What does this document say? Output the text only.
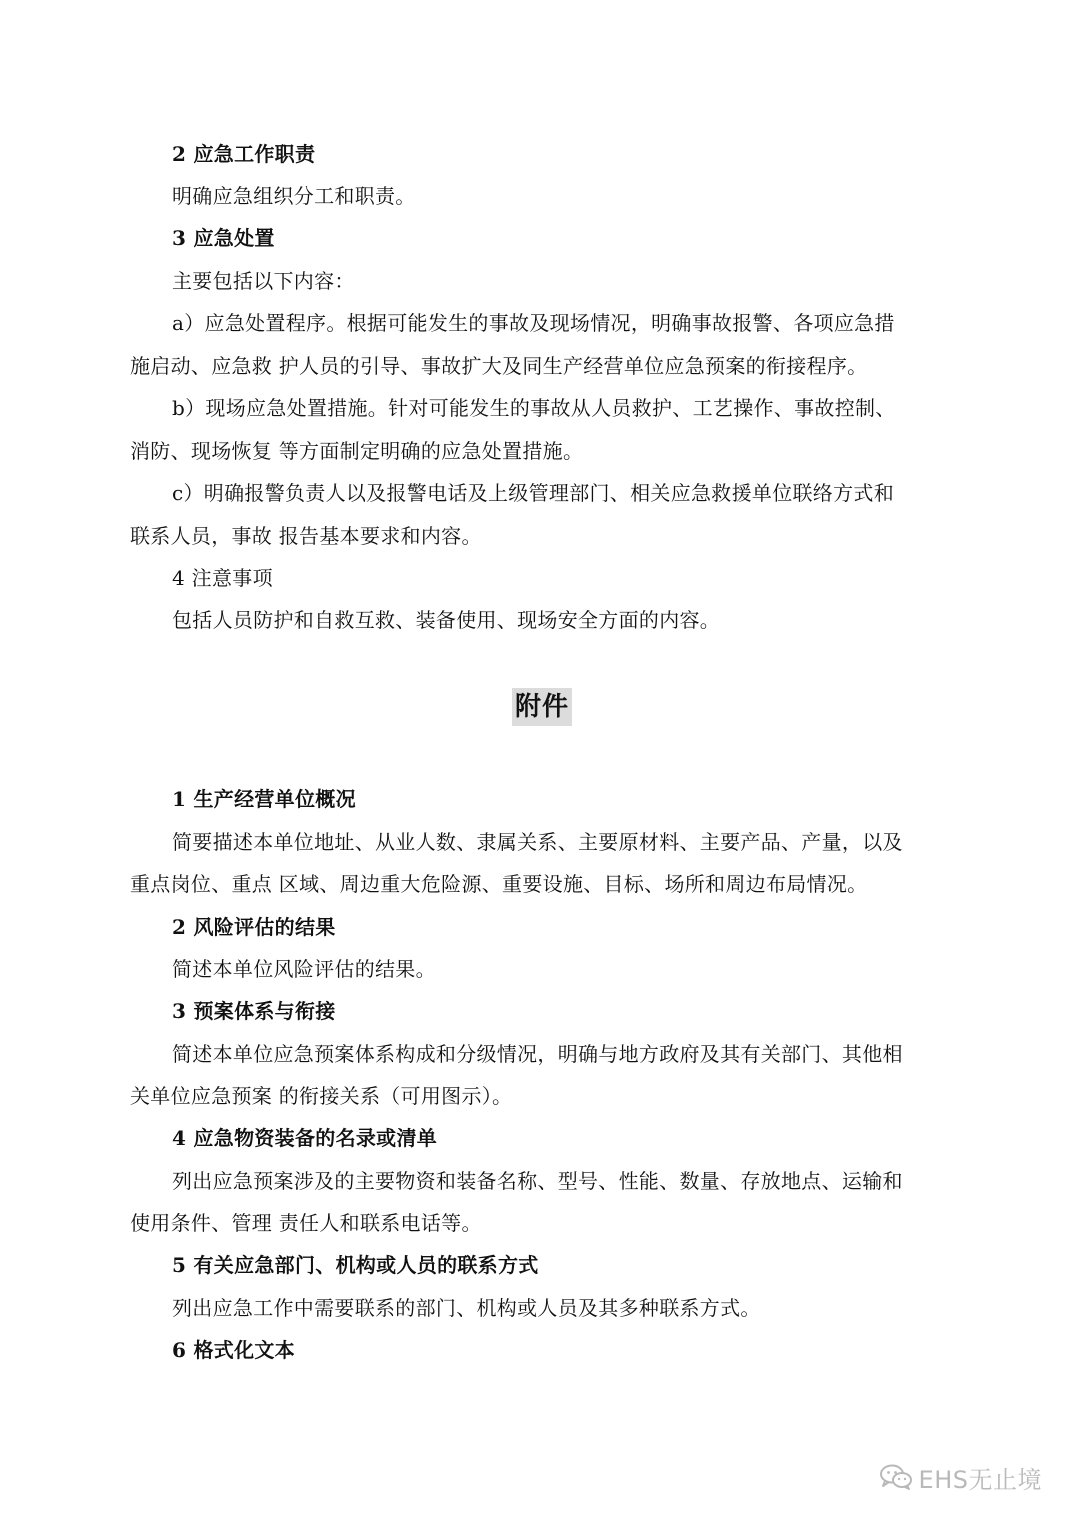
2 应急工作职责
明确应急组织分工和职责。
3 应急处置
主要包括以下内容：
a）应急处置程序。根据可能发生的事故及现场情况，明确事故报警、各项应急措
施启动、应急救 护人员的引导、事故扩大及同生产经营单位应急预案的衔接程序。
b）现场应急处置措施。针对可能发生的事故从人员救护、工艺操作、事故控制、
消防、现场恢复 等方面制定明确的应急处置措施。
c）明确报警负责人以及报警电话及上级管理部门、相关应急救援单位联络方式和
联系人员，事故 报告基本要求和内容。
4 注意事项
包括人员防护和自救互救、装备使用、现场安全方面的内容。
附件
1 生产经营单位概况
简要描述本单位地址、从业人数、隶属关系、主要原材料、主要产品、产量，以及
重点岗位、重点 区域、周边重大危险源、重要设施、目标、场所和周边布局情况。
2 风险评估的结果
简述本单位风险评估的结果。
3 预案体系与衔接
简述本单位应急预案体系构成和分级情况，明确与地方政府及其有关部门、其他相
关单位应急预案 的衔接关系（可用图示）。
4 应急物资装备的名录或清单
列出应急预案涉及的主要物资和装备名称、型号、性能、数量、存放地点、运输和
使用条件、管理 责任人和联系电话等。
5 有关应急部门、机构或人员的联系方式
列出应急工作中需要联系的部门、机构或人员及其多种联系方式。
6 格式化文本
EHS无止境
